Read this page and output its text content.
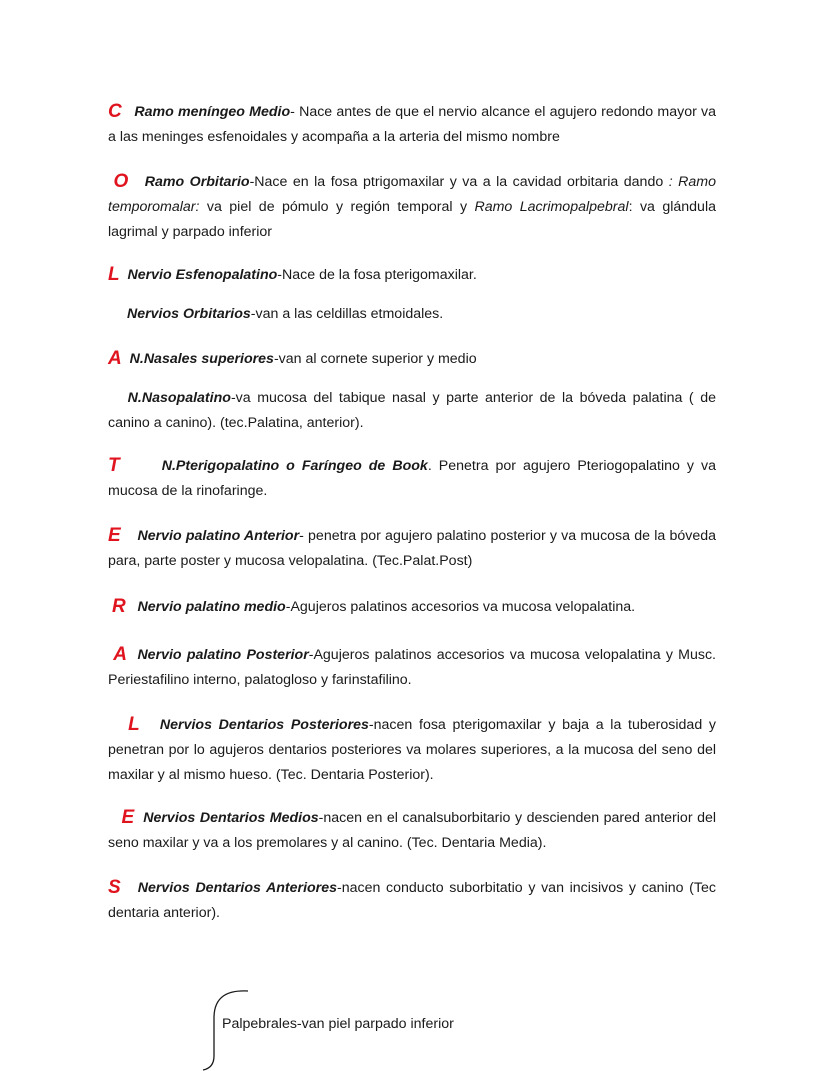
C Ramo meníngeo Medio- Nace antes de que el nervio alcance el agujero redondo mayor va a las meninges esfenoidales y acompaña a la arteria del mismo nombre

O Ramo Orbitario-Nace en la fosa ptrigomaxilar y va a la cavidad orbitaria dando : Ramo temporomalar: va piel de pómulo y región temporal y Ramo Lacrimopalpebral: va glándula lagrimal y parpado inferior

L Nervio Esfenopalatino-Nace de la fosa pterigomaxilar.

Nervios Orbitarios-van a las celdillas etmoidales.

A N.Nasales superiores-van al cornete superior y medio

N.Nasopalatino-va mucosa del tabique nasal y parte anterior de la bóveda palatina ( de canino a canino). (tec.Palatina, anterior).

T	N.Pterigopalatino o Faríngeo de Book. Penetra por agujero Pteriogopalatino y va mucosa de la rinofaringe.

E Nervio palatino Anterior- penetra por agujero palatino posterior y va mucosa de la bóveda para, parte poster y mucosa velopalatina. (Tec.Palat.Post)

R Nervio palatino medio-Agujeros palatinos accesorios va mucosa velopalatina.

A Nervio palatino Posterior-Agujeros palatinos accesorios va mucosa velopalatina y Musc. Periestafilino interno, palatogloso y farinstafilino.

L Nervios Dentarios Posteriores-nacen fosa pterigomaxilar y baja a la tuberosidad y penetran por lo agujeros dentarios posteriores va molares superiores, a la mucosa del seno del maxilar y al mismo hueso. (Tec. Dentaria Posterior).

E Nervios Dentarios Medios-nacen en el canalsuborbitario y descienden pared anterior del seno maxilar y va a los premolares y al canino. (Tec. Dentaria Media).

S Nervios Dentarios Anteriores-nacen conducto suborbitatio y van incisivos y canino (Tec dentaria anterior).

Palpebrales-van piel parpado inferior
